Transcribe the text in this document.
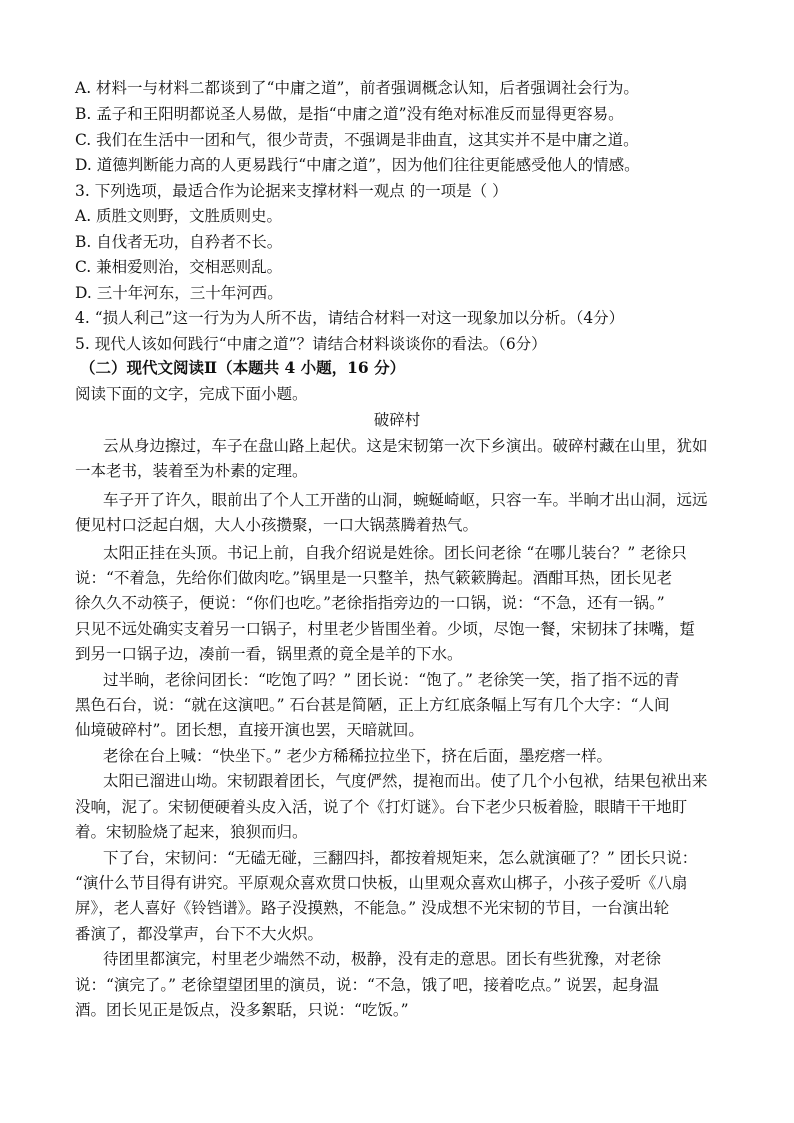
A. 材料一与材料二都谈到了“中庸之道”，前者强调概念认知，后者强调社会行为。
B. 孟子和王阳明都说圣人易做，是指“中庸之道”没有绝对标准反而显得更容易。
C. 我们在生活中一团和气，很少苛责，不强调是非曲直，这其实并不是中庸之道。
D. 道德判断能力高的人更易践行“中庸之道”，因为他们往往更能感受他人的情感。
3. 下列选项，最适合作为论据来支撑材料一观点 的一项是（ ）
A. 质胜文则野，文胜质则史。
B. 自伐者无功，自矜者不长。
C. 兼相爱则治，交相恶则乱。
D. 三十年河东，三十年河西。
4. “损人利己”这一行为为人所不齿，请结合材料一对这一现象加以分析。（4分）
5. 现代人该如何践行“中庸之道”？请结合材料谈谈你的看法。（6分）
（二）现代文阅读Ⅱ（本题共 4 小题，16 分）
阅读下面的文字，完成下面小题。
破碎村
云从身边擦过，车子在盘山路上起伏。这是宋韧第一次下乡演出。破碎村藏在山里，犹如
一本老书，装着至为朴素的定理。
车子开了许久，眼前出了个人工开凿的山洞，蜿蜒崎岖，只容一车。半晌才出山洞，远远
便见村口泛起白烟，大人小孩攒聚，一口大锅蒸腾着热气。
太阳正挂在头顶。书记上前，自我介绍说是姓徐。团长问老徐 “在哪儿装台？” 老徐只
说：“不着急，先给你们做肉吃。”锅里是一只整羊，热气簌簌腾起。酒酣耳热，团长见老
徐久久不动筷子，便说：“你们也吃。”老徐指指旁边的一口锅，说：“不急，还有一锅。”
只见不远处确实支着另一口锅子，村里老少皆围坐着。少顷，尽饱一餐，宋韧抹了抹嘴，踅
到另一口锅子边，凑前一看，锅里煮的竟全是羊的下水。
过半晌，老徐问团长：“吃饱了吗？” 团长说：“饱了。” 老徐笑一笑，指了指不远的青
黑色石台，说：“就在这演吧。” 石台甚是简陋，正上方红底条幅上写有几个大字：“人间
仙境破碎村”。团长想，直接开演也罢，天暗就回。
老徐在台上喊：“快坐下。” 老少方稀稀拉拉坐下，挤在后面，墨疙瘩一样。
太阳已溜进山坳。宋韧跟着团长，气度俨然，提袍而出。使了几个小包袱，结果包袱出来
没响，泥了。宋韧便硬着头皮入活，说了个《打灯谜》。台下老少只板着脸，眼睛干干地盯
着。宋韧脸烧了起来，狼狈而归。
下了台，宋韧问：“无磕无碰，三翻四抖，都按着规矩来，怎么就演砸了？” 团长只说：
“演什么节目得有讲究。平原观众喜欢贯口快板，山里观众喜欢山梆子，小孩子爱听《八扇
屏》，老人喜好《铃铛谱》。路子没摸熟，不能急。” 没成想不光宋韧的节目，一台演出轮
番演了，都没掌声，台下不大火炽。
待团里都演完，村里老少端然不动，极静，没有走的意思。团长有些犹豫，对老徐
说：“演完了。” 老徐望望团里的演员，说：“不急，饿了吧，接着吃点。” 说罢，起身温
酒。团长见正是饭点，没多絮聒，只说：“吃饭。”
